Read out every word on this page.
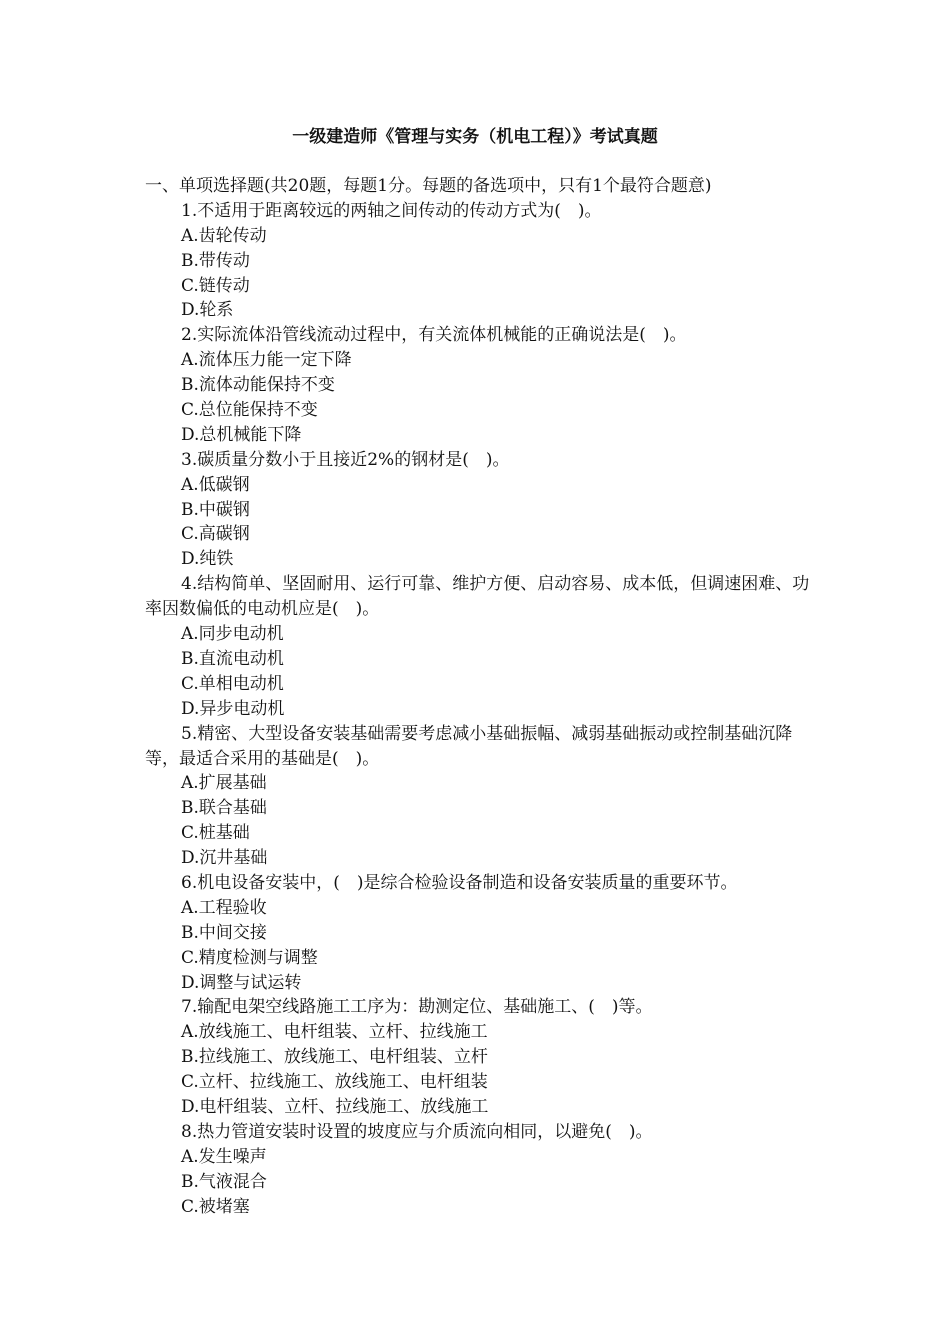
一级建造师《管理与实务（机电工程）》考试真题
一、单项选择题(共20题，每题1分。每题的备选项中，只有1个最符合题意)
1.不适用于距离较远的两轴之间传动的传动方式为(　)。
A.齿轮传动
B.带传动
C.链传动
D.轮系
2.实际流体沿管线流动过程中，有关流体机械能的正确说法是(　)。
A.流体压力能一定下降
B.流体动能保持不变
C.总位能保持不变
D.总机械能下降
3.碳质量分数小于且接近2%的钢材是(　)。
A.低碳钢
B.中碳钢
C.高碳钢
D.纯铁
4.结构简单、坚固耐用、运行可靠、维护方便、启动容易、成本低，但调速困难、功率因数偏低的电动机应是(　)。
A.同步电动机
B.直流电动机
C.单相电动机
D.异步电动机
5.精密、大型设备安装基础需要考虑减小基础振幅、减弱基础振动或控制基础沉降等，最适合采用的基础是(　)。
A.扩展基础
B.联合基础
C.桩基础
D.沉井基础
6.机电设备安装中，(　)是综合检验设备制造和设备安装质量的重要环节。
A.工程验收
B.中间交接
C.精度检测与调整
D.调整与试运转
7.输配电架空线路施工工序为：勘测定位、基础施工、(　)等。
A.放线施工、电杆组装、立杆、拉线施工
B.拉线施工、放线施工、电杆组装、立杆
C.立杆、拉线施工、放线施工、电杆组装
D.电杆组装、立杆、拉线施工、放线施工
8.热力管道安装时设置的坡度应与介质流向相同，以避免(　)。
A.发生噪声
B.气液混合
C.被堵塞
